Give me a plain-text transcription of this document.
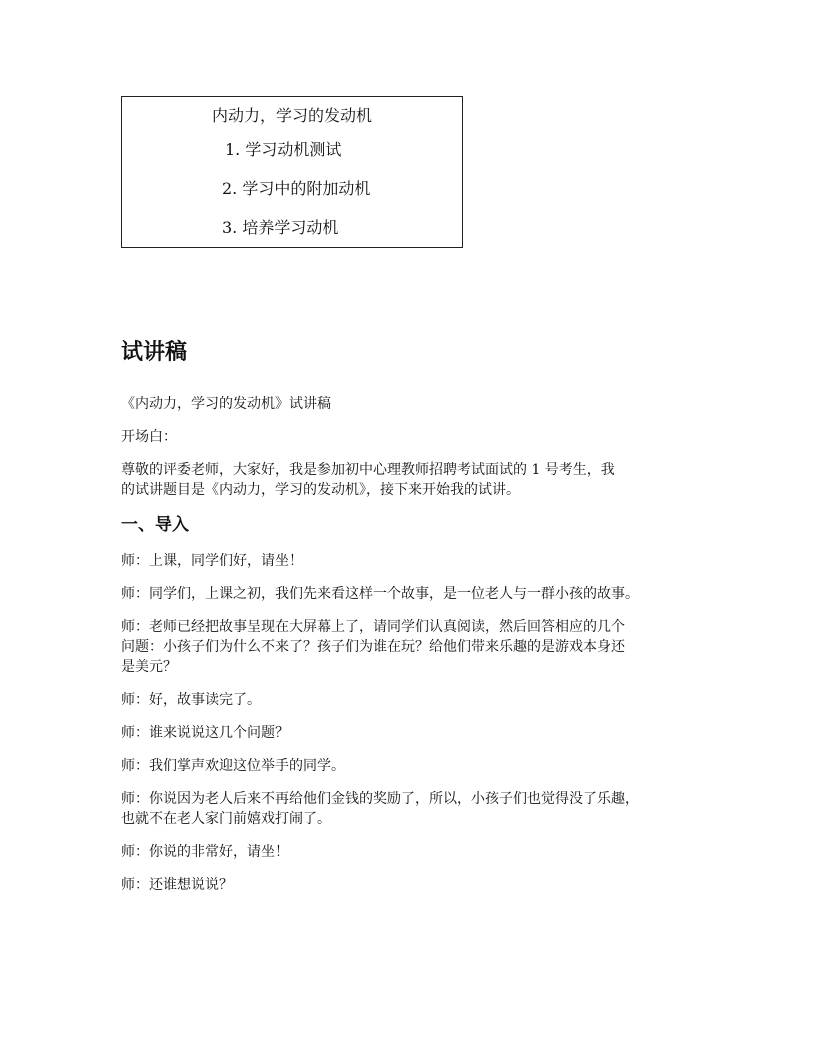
内动力，学习的发动机
1. 学习动机测试
2. 学习中的附加动机
3. 培养学习动机
试讲稿

《内动力，学习的发动机》试讲稿

开场白：

尊敬的评委老师，大家好，我是参加初中心理教师招聘考试面试的 1 号考生，我
的试讲题目是《内动力，学习的发动机》，接下来开始我的试讲。

一、导入

师：上课，同学们好，请坐！

师：同学们，上课之初，我们先来看这样一个故事，是一位老人与一群小孩的故事。

师：老师已经把故事呈现在大屏幕上了，请同学们认真阅读，然后回答相应的几个
问题：小孩子们为什么不来了？孩子们为谁在玩？给他们带来乐趣的是游戏本身还
是美元？

师：好，故事读完了。

师：谁来说说这几个问题？

师：我们掌声欢迎这位举手的同学。

师：你说因为老人后来不再给他们金钱的奖励了，所以，小孩子们也觉得没了乐趣，
也就不在老人家门前嬉戏打闹了。

师：你说的非常好，请坐！

师：还谁想说说？
